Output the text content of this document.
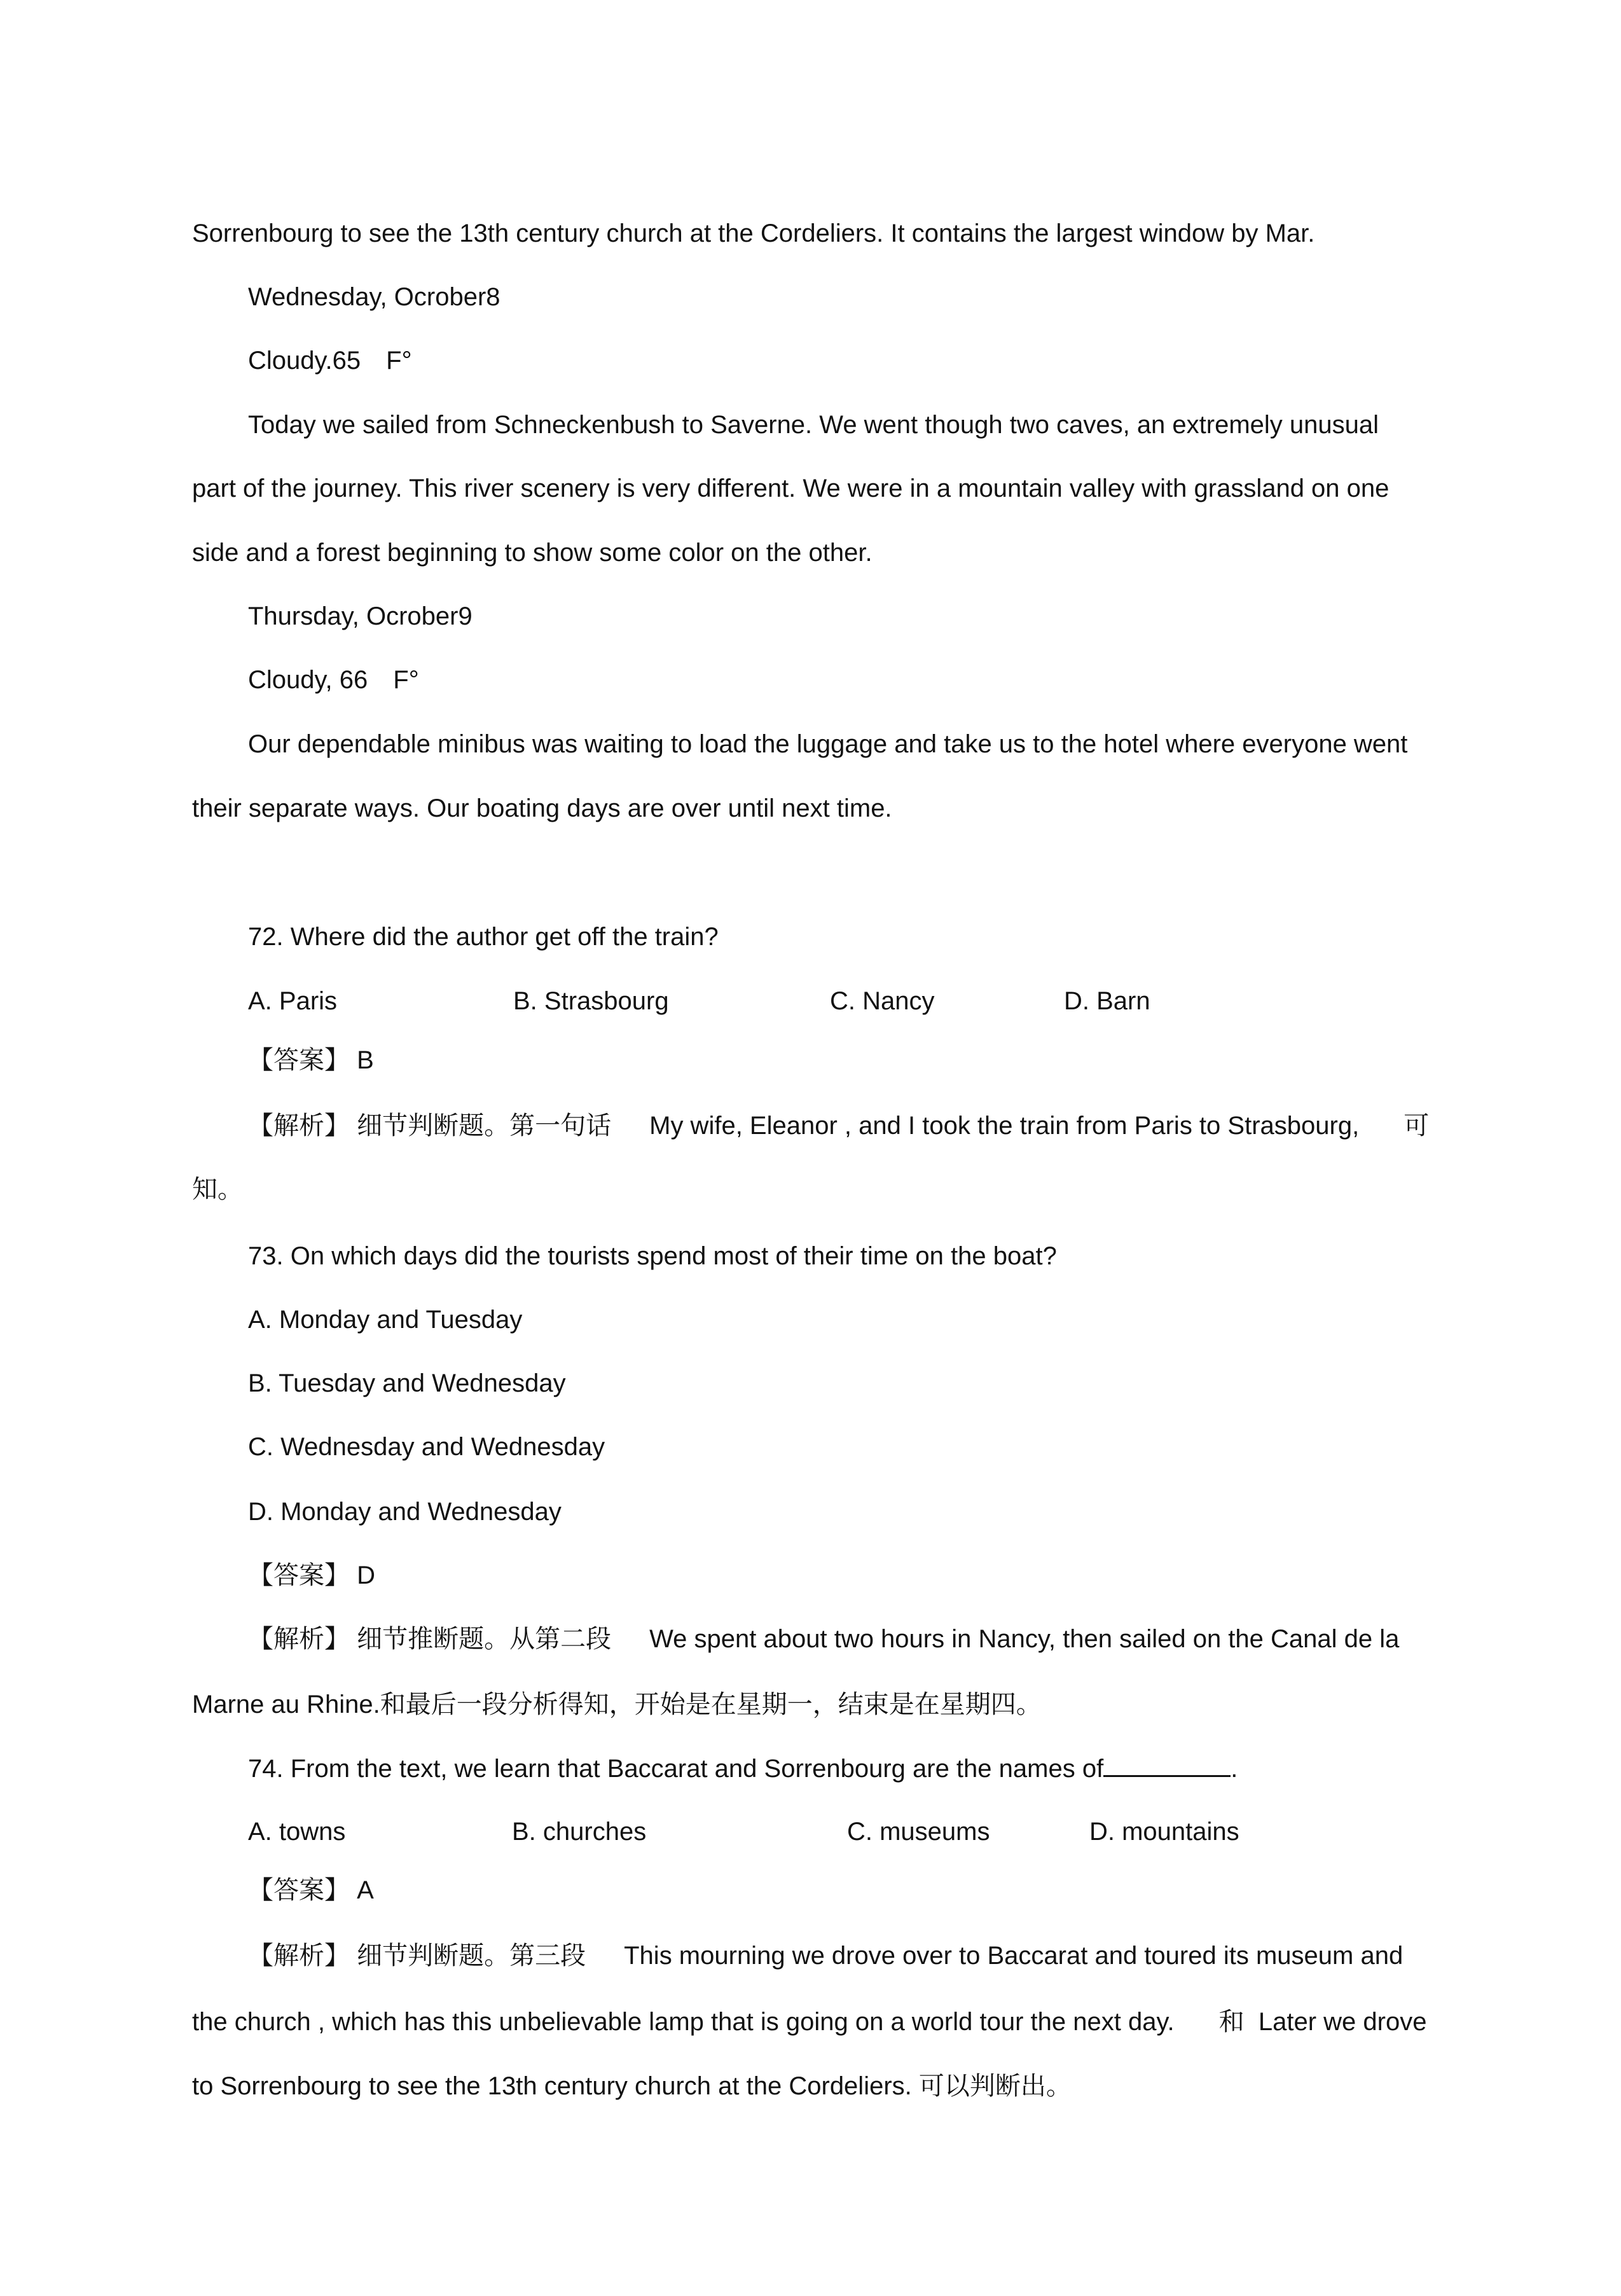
Sorrenbourg to see the 13th century church at the Cordeliers. It contains the largest window by Mar.
Wednesday, Ocrober8
Cloudy.65　F°
Today we sailed from Schneckenbush to Saverne. We went though two caves, an extremely unusual
part of the journey. This river scenery is very different. We were in a mountain valley with grassland on one
side and a forest beginning to show some color on the other.
Thursday, Ocrober9
Cloudy, 66　F°
Our dependable minibus was waiting to load the luggage and take us to the hotel where everyone went
their separate ways. Our boating days are over until next time.
72. Where did the author get off the train?
A. Paris	B. Strasbourg	C. Nancy	D. Barn
【答案】 B
【解析】 细节判断题。第一句话 My wife, Eleanor , and I took the train from Paris to Strasbourg, 可
知。
73. On which days did the tourists spend most of their time on the boat?
A. Monday and Tuesday
B. Tuesday and Wednesday
C. Wednesday and Wednesday
D. Monday and Wednesday
【答案】 D
【解析】 细节推断题。从第二段 We spent about two hours in Nancy, then sailed on the Canal de la
Marne au Rhine.和最后一段分析得知，开始是在星期一，结束是在星期四。
74. From the text, we learn that Baccarat and Sorrenbourg are the names of	.
A. towns	B. churches	C. museums	D. mountains
【答案】 A
【解析】 细节判断题。第三段 This mourning we drove over to Baccarat and toured its museum and
the church , which has this unbelievable lamp that is going on a world tour the next day. 和 Later we drove
to Sorrenbourg to see the 13th century church at the Cordeliers. 可以判断出。
